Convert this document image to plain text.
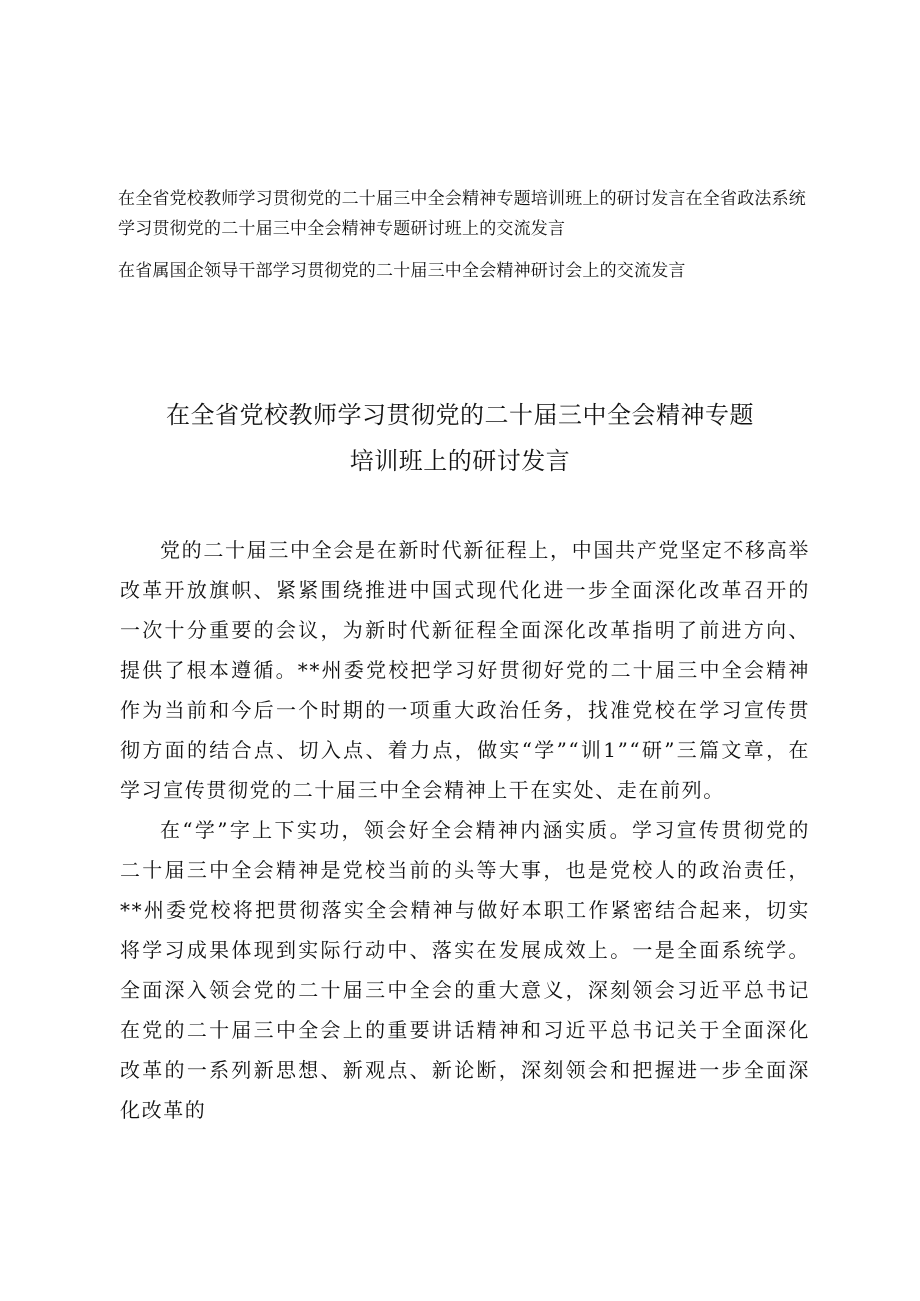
在全省党校教师学习贯彻党的二十届三中全会精神专题培训班上的研讨发言在全省政法系统学习贯彻党的二十届三中全会精神专题研讨班上的交流发言

在省属国企领导干部学习贯彻党的二十届三中全会精神研讨会上的交流发言

在全省党校教师学习贯彻党的二十届三中全会精神专题
培训班上的研讨发言

党的二十届三中全会是在新时代新征程上，中国共产党坚定不移高举改革开放旗帜、紧紧围绕推进中国式现代化进一步全面深化改革召开的一次十分重要的会议，为新时代新征程全面深化改革指明了前进方向、提供了根本遵循。**州委党校把学习好贯彻好党的二十届三中全会精神作为当前和今后一个时期的一项重大政治任务，找准党校在学习宣传贯彻方面的结合点、切入点、着力点，做实“学”“训1”“研”三篇文章，在学习宣传贯彻党的二十届三中全会精神上干在实处、走在前列。

在“学”字上下实功，领会好全会精神内涵实质。学习宣传贯彻党的二十届三中全会精神是党校当前的头等大事，也是党校人的政治责任，**州委党校将把贯彻落实全会精神与做好本职工作紧密结合起来，切实将学习成果体现到实际行动中、落实在发展成效上。一是全面系统学。全面深入领会党的二十届三中全会的重大意义，深刻领会习近平总书记在党的二十届三中全会上的重要讲话精神和习近平总书记关于全面深化改革的一系列新思想、新观点、新论断，深刻领会和把握进一步全面深化改革的
